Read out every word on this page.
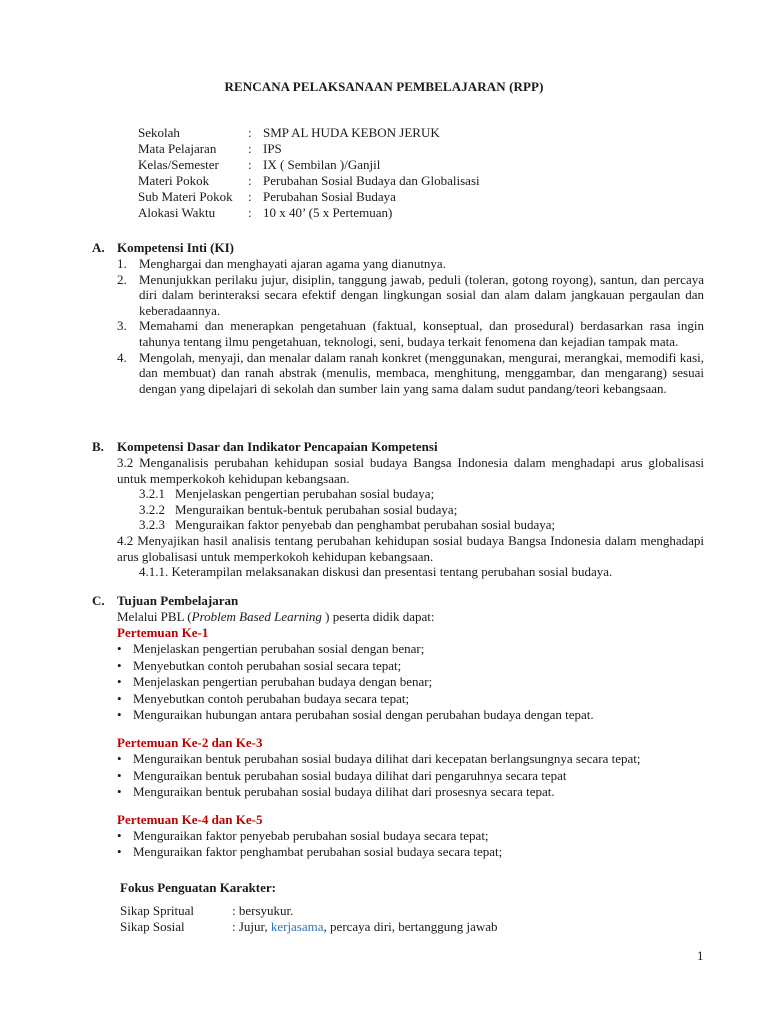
RENCANA PELAKSANAAN PEMBELAJARAN (RPP)
Sekolah	: SMP AL HUDA KEBON JERUK
Mata Pelajaran	: IPS
Kelas/Semester	: IX ( Sembilan )/Ganjil
Materi Pokok	: Perubahan Sosial Budaya dan Globalisasi
Sub Materi Pokok	: Perubahan Sosial Budaya
Alokasi Waktu	: 10 x 40’ (5 x Pertemuan)
A. Kompetensi Inti (KI)
1. Menghargai dan menghayati ajaran agama yang dianutnya.
2. Menunjukkan perilaku jujur, disiplin, tanggung jawab, peduli (toleran, gotong royong), santun, dan percaya diri dalam berinteraksi secara efektif dengan lingkungan sosial dan alam dalam jangkauan pergaulan dan keberadaannya.
3. Memahami dan menerapkan pengetahuan (faktual, konseptual, dan prosedural) berdasarkan rasa ingin tahunya tentang ilmu pengetahuan, teknologi, seni, budaya terkait fenomena dan kejadian tampak mata.
4. Mengolah, menyaji, dan menalar dalam ranah konkret (menggunakan, mengurai, merangkai, memodifi kasi, dan membuat) dan ranah abstrak (menulis, membaca, menghitung, menggambar, dan mengarang) sesuai dengan yang dipelajari di sekolah dan sumber lain yang sama dalam sudut pandang/teori kebangsaan.
B.	Kompetensi Dasar dan Indikator Pencapaian Kompetensi
3.2 Menganalisis perubahan kehidupan sosial budaya Bangsa Indonesia dalam menghadapi arus globalisasi untuk memperkokoh kehidupan kebangsaan.
3.2.1 Menjelaskan pengertian perubahan sosial budaya;
3.2.2 Menguraikan bentuk-bentuk perubahan sosial budaya;
3.2.3 Menguraikan faktor penyebab dan penghambat perubahan sosial budaya;
4.2 Menyajikan hasil analisis tentang perubahan kehidupan sosial budaya Bangsa Indonesia dalam menghadapi arus globalisasi untuk memperkokoh kehidupan kebangsaan.
4.1.1. Keterampilan melaksanakan diskusi dan presentasi tentang perubahan sosial budaya.
C. Tujuan Pembelajaran
Melalui PBL (Problem Based Learning ) peserta didik dapat:
Pertemuan Ke-1
• Menjelaskan pengertian perubahan sosial dengan benar;
• Menyebutkan contoh perubahan sosial secara tepat;
• Menjelaskan pengertian perubahan budaya dengan benar;
• Menyebutkan contoh perubahan budaya secara tepat;
• Menguraikan hubungan antara perubahan sosial dengan perubahan budaya dengan tepat.
Pertemuan Ke-2 dan Ke-3
• Menguraikan bentuk perubahan sosial budaya dilihat dari kecepatan berlangsungnya secara tepat;
• Menguraikan bentuk perubahan sosial budaya dilihat dari pengaruhnya secara tepat
• Menguraikan bentuk perubahan sosial budaya dilihat dari prosesnya secara tepat.
Pertemuan Ke-4 dan Ke-5
• Menguraikan faktor penyebab perubahan sosial budaya secara tepat;
• Menguraikan faktor penghambat perubahan sosial budaya secara tepat;
Fokus Penguatan Karakter:
Sikap Spritual	: bersyukur.
Sikap Sosial	: Jujur, kerjasama, percaya diri, bertanggung jawab
1
